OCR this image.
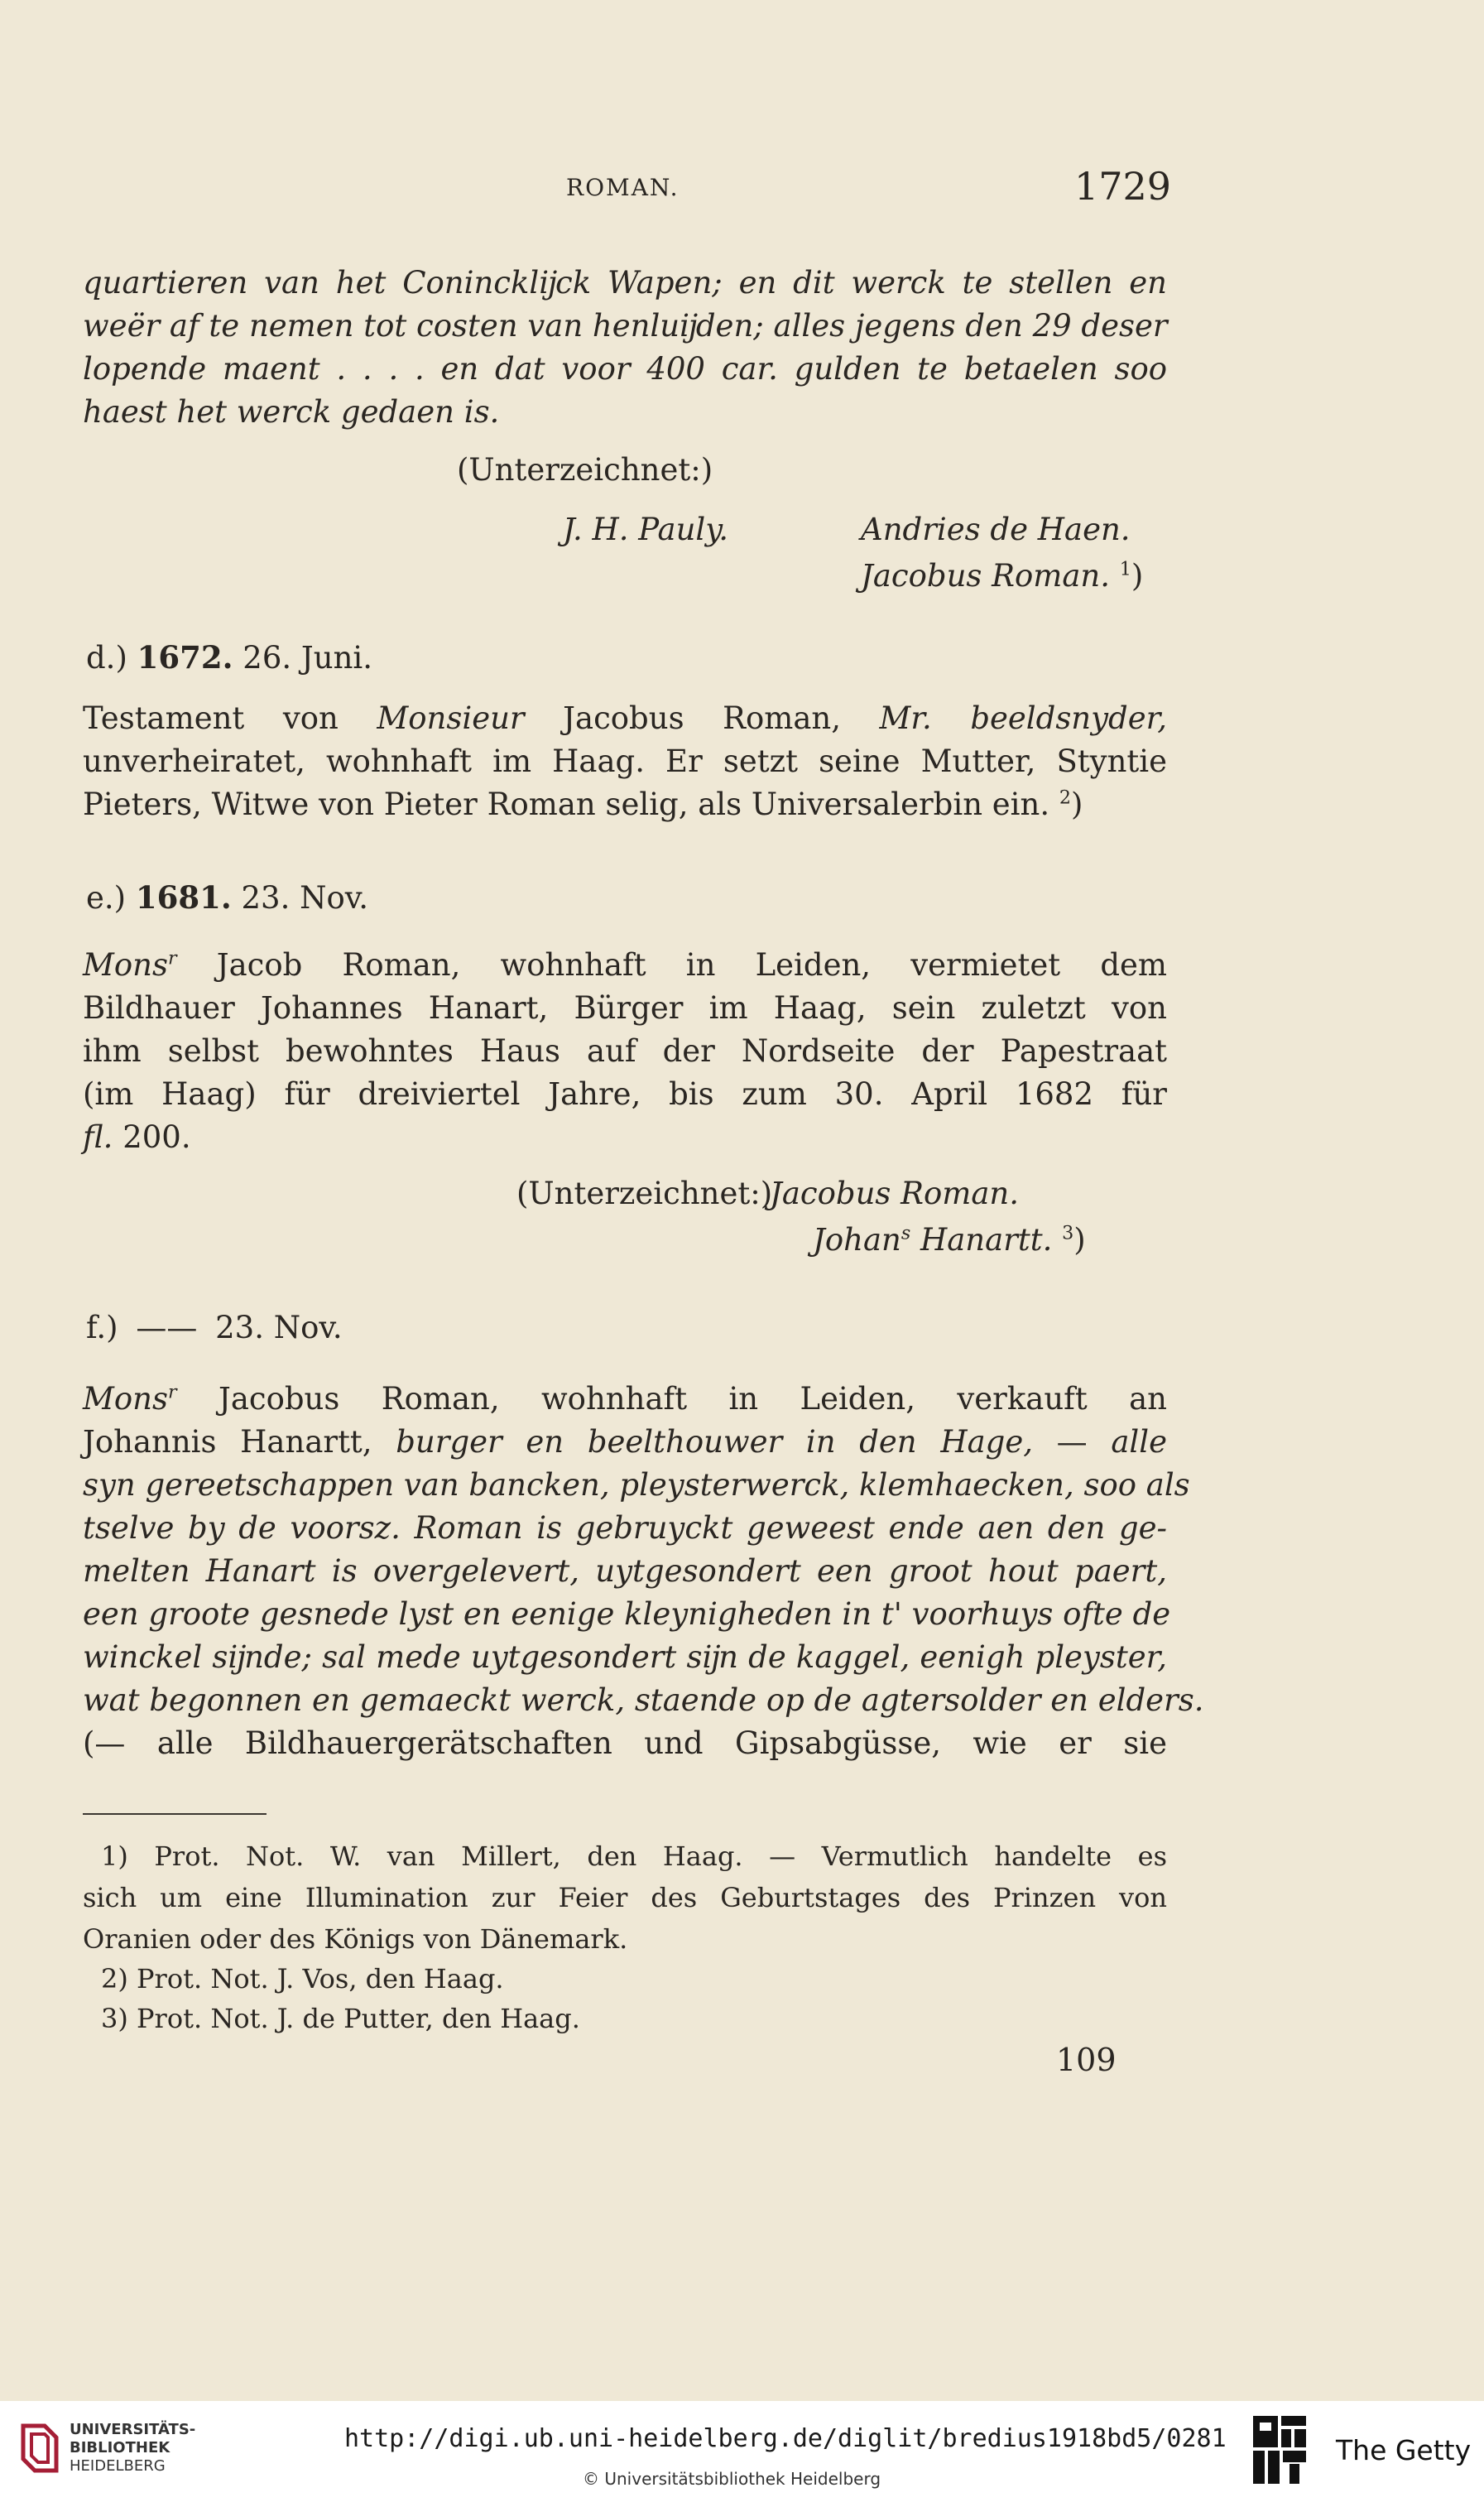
ROMAN.	1729
quartieren van het Conincklĳck Wapen; en dit werck te stellen en
weër af te nemen tot costen van henluĳden; alles jegens den 29 deser
lopende maent . . . . en dat voor 400 car. gulden te betaelen soo
haest het werck gedaen is.
(Unterzeichnet:)
J. H. Pauly.	Andries de Haen.
Jacobus Roman. $^1$)
d.) 1672. 26. Juni.
Testament von Monsieur Jacobus Roman, Mr. beeldsnyder,
unverheiratet, wohnhaft im Haag. Er setzt seine Mutter, Styntie
Pieters, Witwe von Pieter Roman selig, als Universalerbin ein. $^2$)
e.) 1681. 23. Nov.
Mons$^r$ Jacob Roman, wohnhaft in Leiden, vermietet dem
Bildhauer Johannes Hanart, Bürger im Haag, sein zuletzt von
ihm selbst bewohntes Haus auf der Nordseite der Papestraat
(im Haag) für dreiviertel Jahre, bis zum 30. April 1682 für
fl. 200.
(Unterzeichnet:)
Jacobus Roman.
Johan$^s$ Hanartt. $^3$)
f.) —— 23. Nov.
Mons$^r$ Jacobus Roman, wohnhaft in Leiden, verkauft an
Johannis Hanartt, burger en beelthouwer in den Hage, — alle
syn gereetschappen van bancken, pleysterwerck, klemhaecken, soo als
tselve by de voorsz. Roman is gebruyckt geweest ende aen den ge-
melten Hanart is overgelevert, uytgesondert een groot hout paert,
een groote gesnede lyst en eenige kleynigheden in t' voorhuys ofte de
winckel sĳnde; sal mede uytgesondert sĳn de kaggel, eenigh pleyster,
wat begonnen en gemaeckt werck, staende op de agtersolder en elders.
(— alle Bildhauergerätschaften und Gipsabgüsse, wie er sie
1) Prot. Not. W. van Millert, den Haag. — Vermutlich handelte es
sich um eine Illumination zur Feier des Geburtstages des Prinzen von
Oranien oder des Königs von Dänemark.
2) Prot. Not. J. Vos, den Haag.
3) Prot. Not. J. de Putter, den Haag.
109
UNIVERSITÄTS-
BIBLIOTHEK
HEIDELBERG
http://digi.ub.uni-heidelberg.de/diglit/bredius1918bd5/0281
© Universitätsbibliothek Heidelberg
The Getty
